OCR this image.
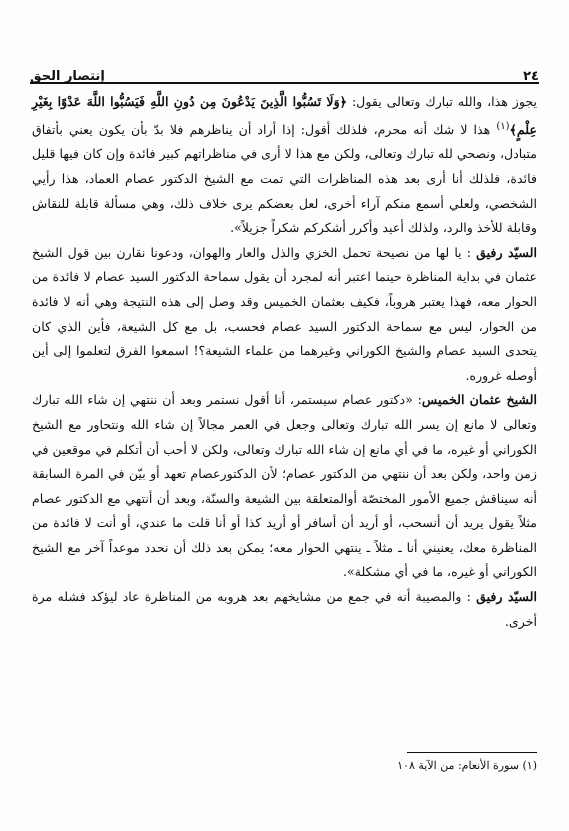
٢٤
إنتصار الحق

يجوز هذا، والله تبارك وتعالى يقول: ﴿وَلَا تَسُبُّوا الَّذِينَ يَدْعُونَ مِن دُونِ اللَّهِ فَيَسُبُّوا اللَّهَ عَدْوًا بِغَيْرِ عِلْمٍ﴾$^{(١)}$ هذا لا شك أنه محرم، فلذلك أقول: إذا أراد أن يناظرهم فلا بدّ بأن يكون يعني بأتفاق متبادل، ونصحي لله تبارك وتعالى، ولكن مع هذا لا أرى في مناظراتهم كبير فائدة وإن كان فيها قليل فائدة، فلذلك أنا أرى بعد هذه المناظرات التي تمت مع الشيخ الدكتور عصام العماد، هذا رأيي الشخصي، ولعلي أسمع منكم آراء أخرى، لعل بعضكم يرى خلاف ذلك، وهي مسألة قابلة للنقاش وقابلة للأخذ والرد، ولذلك أعيد وأكرر أشكركم شكراً جزيلاً».

السيّد رفيق : يا لها من نصيحة تحمل الخزي والذل والعار والهوان، ودعونا نقارن بين قول الشيخ عثمان في بداية المناظرة حينما اعتبر أنه لمجرد أن يقول سماحة الدكتور السيد عصام لا فائدة من الحوار معه، فهذا يعتبر هروباً، فكيف بعثمان الخميس وقد وصل إلى هذه النتيجة وهي أنه لا فائدة من الحوار، ليس مع سماحة الدكتور السيد عصام فحسب، بل مع كل الشيعة، فأين الذي كان يتحدى السيد عصام والشيخ الكوراني وغيرهما من علماء الشيعة؟! اسمعوا الفرق لتعلموا إلى أين أوصله غروره.

الشيخ عثمان الخميس: «دكتور عصام سيستمر، أنا أقول نستمر وبعد أن ننتهي إن شاء الله تبارك وتعالى لا مانع إن يسر الله تبارك وتعالى وجعل في العمر مجالاً إن شاء الله ونتحاور مع الشيخ الكوراني أو غيره، ما في أي مانع إن شاء الله تبارك وتعالى، ولكن لا أحب أن أتكلم في موقعين في زمن واحد، ولكن بعد أن ننتهي من الدكتور عصام؛ لأن الدكتورعصام تعهد أو بيّن في المرة السابقة أنه سيناقش جميع الأمور المختصّة أوالمتعلقة بين الشيعة والسنّة، وبعد أن أنتهي مع الدكتور عصام مثلاً يقول يريد أن أنسحب، أو أريد أن أسافر أو أريد كذا أو أنا قلت ما عندي، أو أنت لا فائدة من المناظرة معك، يعنيني أنا ـ مثلاً ـ ينتهي الحوار معه؛ يمكن بعد ذلك أن نحدد موعداً آخر مع الشيخ الكوراني أو غيره، ما في أي مشكلة».

السيّد رفيق : والمصيبة أنه في جمع من مشايخهم بعد هروبه من المناظرة عاد ليؤكد فشله مرة أخرى.

(١) سورة الأنعام: من الآية ١٠٨
